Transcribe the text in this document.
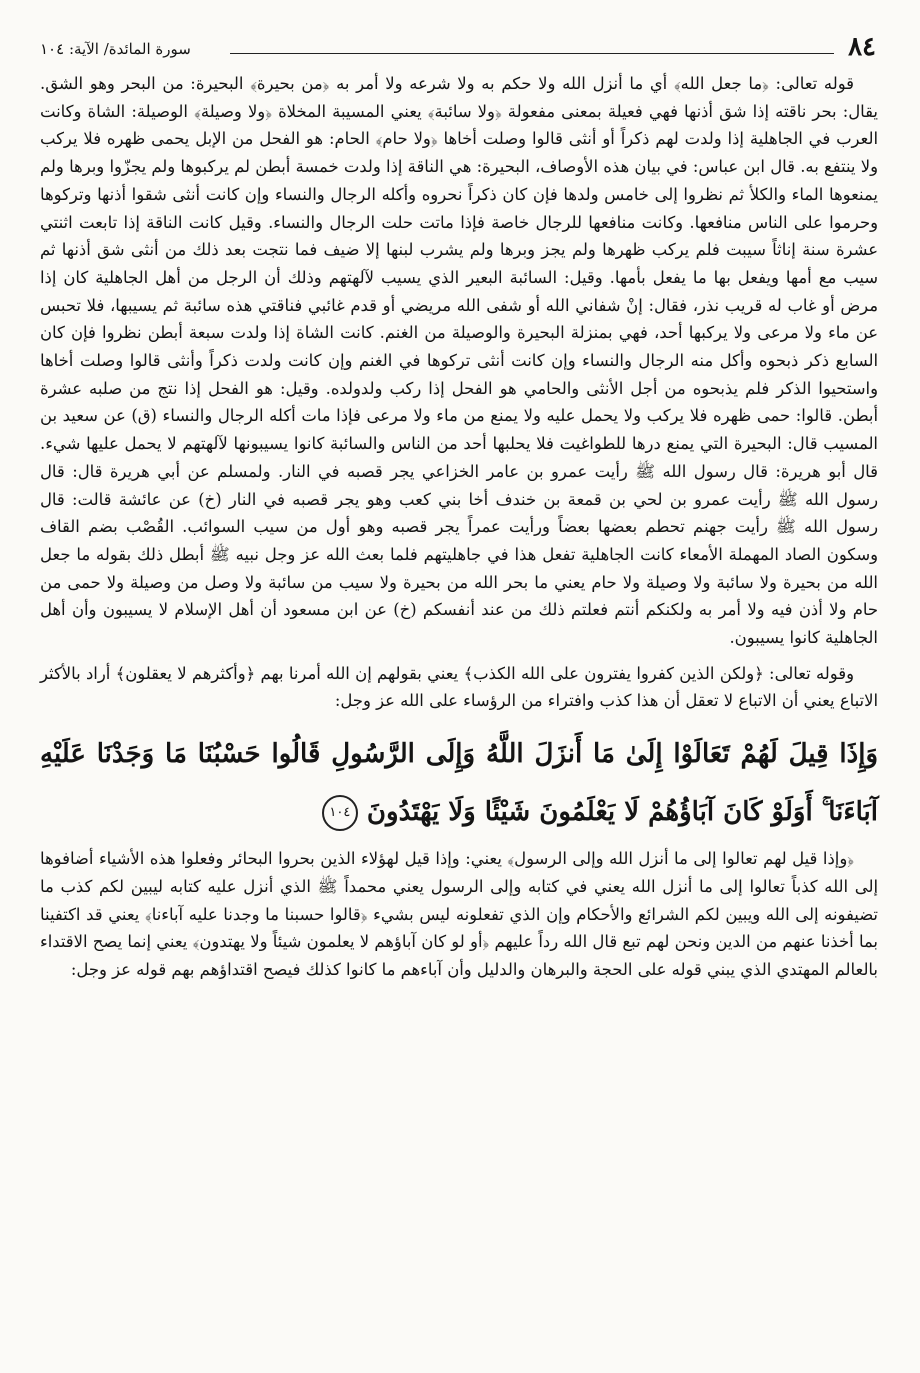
٨٤
سورة المائدة/ الآية: ١٠٤

قوله تعالى: ﴿ما جعل الله﴾ أي ما أنزل الله ولا حكم به ولا شرعه ولا أمر به ﴿من بحيرة﴾ البحيرة: من البحر وهو الشق. يقال: بحر ناقته إذا شق أذنها فهي فعيلة بمعنى مفعولة ﴿ولا سائبة﴾ يعني المسيبة المخلاة ﴿ولا وصيلة﴾ الوصيلة: الشاة وكانت العرب في الجاهلية إذا ولدت لهم ذكراً أو أنثى قالوا وصلت أخاها ﴿ولا حام﴾ الحام: هو الفحل من الإبل يحمى ظهره فلا يركب ولا ينتفع به. قال ابن عباس: في بيان هذه الأوصاف، البحيرة: هي الناقة إذا ولدت خمسة أبطن لم يركبوها ولم يجزّوا وبرها ولم يمنعوها الماء والكلأ ثم نظروا إلى خامس ولدها فإن كان ذكراً نحروه وأكله الرجال والنساء وإن كانت أنثى شقوا أذنها وتركوها وحرموا على الناس منافعها. وكانت منافعها للرجال خاصة فإذا ماتت حلت الرجال والنساء. وقيل كانت الناقة إذا تابعت اثنتي عشرة سنة إناثاً سيبت فلم يركب ظهرها ولم يجز وبرها ولم يشرب لبنها إلا ضيف فما نتجت بعد ذلك من أنثى شق أذنها ثم سيب مع أمها ويفعل بها ما يفعل بأمها. وقيل: السائبة البعير الذي يسيب لآلهتهم وذلك أن الرجل من أهل الجاهلية كان إذا مرض أو غاب له قريب نذر، فقال: إنْ شفاني الله أو شفى الله مريضي أو قدم غائبي فناقتي هذه سائبة ثم يسيبها، فلا تحبس عن ماء ولا مرعى ولا يركبها أحد، فهي بمنزلة البحيرة والوصيلة من الغنم. كانت الشاة إذا ولدت سبعة أبطن نظروا فإن كان السابع ذكر ذبحوه وأكل منه الرجال والنساء وإن كانت أنثى تركوها في الغنم وإن كانت ولدت ذكراً وأنثى قالوا وصلت أخاها واستحيوا الذكر فلم يذبحوه من أجل الأنثى والحامي هو الفحل إذا ركب ولدولده. وقيل: هو الفحل إذا نتج من صلبه عشرة أبطن. قالوا: حمى ظهره فلا يركب ولا يحمل عليه ولا يمنع من ماء ولا مرعى فإذا مات أكله الرجال والنساء (ق) عن سعيد بن المسيب قال: البحيرة التي يمنع درها للطواغيت فلا يحلبها أحد من الناس والسائبة كانوا يسيبونها لآلهتهم لا يحمل عليها شيء. قال أبو هريرة: قال رسول الله ﷺ رأيت عمرو بن عامر الخزاعي يجر قصبه في النار. ولمسلم عن أبي هريرة قال: قال رسول الله ﷺ رأيت عمرو بن لحي بن قمعة بن خندف أخا بني كعب وهو يجر قصبه في النار (خ) عن عائشة قالت: قال رسول الله ﷺ رأيت جهنم تحطم بعضها بعضاً ورأيت عمراً يجر قصبه وهو أول من سيب السوائب. القُصْب بضم القاف وسكون الصاد المهملة الأمعاء كانت الجاهلية تفعل هذا في جاهليتهم فلما بعث الله عز وجل نبيه ﷺ أبطل ذلك بقوله ما جعل الله من بحيرة ولا سائبة ولا وصيلة ولا حام يعني ما بحر الله من بحيرة ولا سيب من سائبة ولا وصل من وصيلة ولا حمى من حام ولا أذن فيه ولا أمر به ولكنكم أنتم فعلتم ذلك من عند أنفسكم (خ) عن ابن مسعود أن أهل الإسلام لا يسيبون وأن أهل الجاهلية كانوا يسيبون.

وقوله تعالى: ﴿ولكن الذين كفروا يفترون على الله الكذب﴾ يعني بقولهم إن الله أمرنا بهم ﴿وأكثرهم لا يعقلون﴾ أراد بالأكثر الاتباع يعني أن الاتباع لا تعقل أن هذا كذب وافتراء من الرؤساء على الله عز وجل:

وَإِذَا قِيلَ لَهُمْ تَعَالَوْا إِلَىٰ مَا أَنزَلَ اللَّهُ وَإِلَى الرَّسُولِ قَالُوا حَسْبُنَا مَا وَجَدْنَا عَلَيْهِ آبَاءَنَا ۚ أَوَلَوْ كَانَ آبَاؤُهُمْ لَا يَعْلَمُونَ شَيْئًا وَلَا يَهْتَدُونَ ١٠٤

﴿وإذا قيل لهم تعالوا إلى ما أنزل الله وإلى الرسول﴾ يعني: وإذا قيل لهؤلاء الذين بحروا البحائر وفعلوا هذه الأشياء أضافوها إلى الله كذباً تعالوا إلى ما أنزل الله يعني في كتابه وإلى الرسول يعني محمداً ﷺ الذي أنزل عليه كتابه ليبين لكم كذب ما تضيفونه إلى الله ويبين لكم الشرائع والأحكام وإن الذي تفعلونه ليس بشيء ﴿قالوا حسبنا ما وجدنا عليه آباءنا﴾ يعني قد اكتفينا بما أخذنا عنهم من الدين ونحن لهم تبع قال الله رداً عليهم ﴿أو لو كان آباؤهم لا يعلمون شيئاً ولا يهتدون﴾ يعني إنما يصح الاقتداء بالعالم المهتدي الذي يبني قوله على الحجة والبرهان والدليل وأن آباءهم ما كانوا كذلك فيصح اقتداؤهم بهم قوله عز وجل:
